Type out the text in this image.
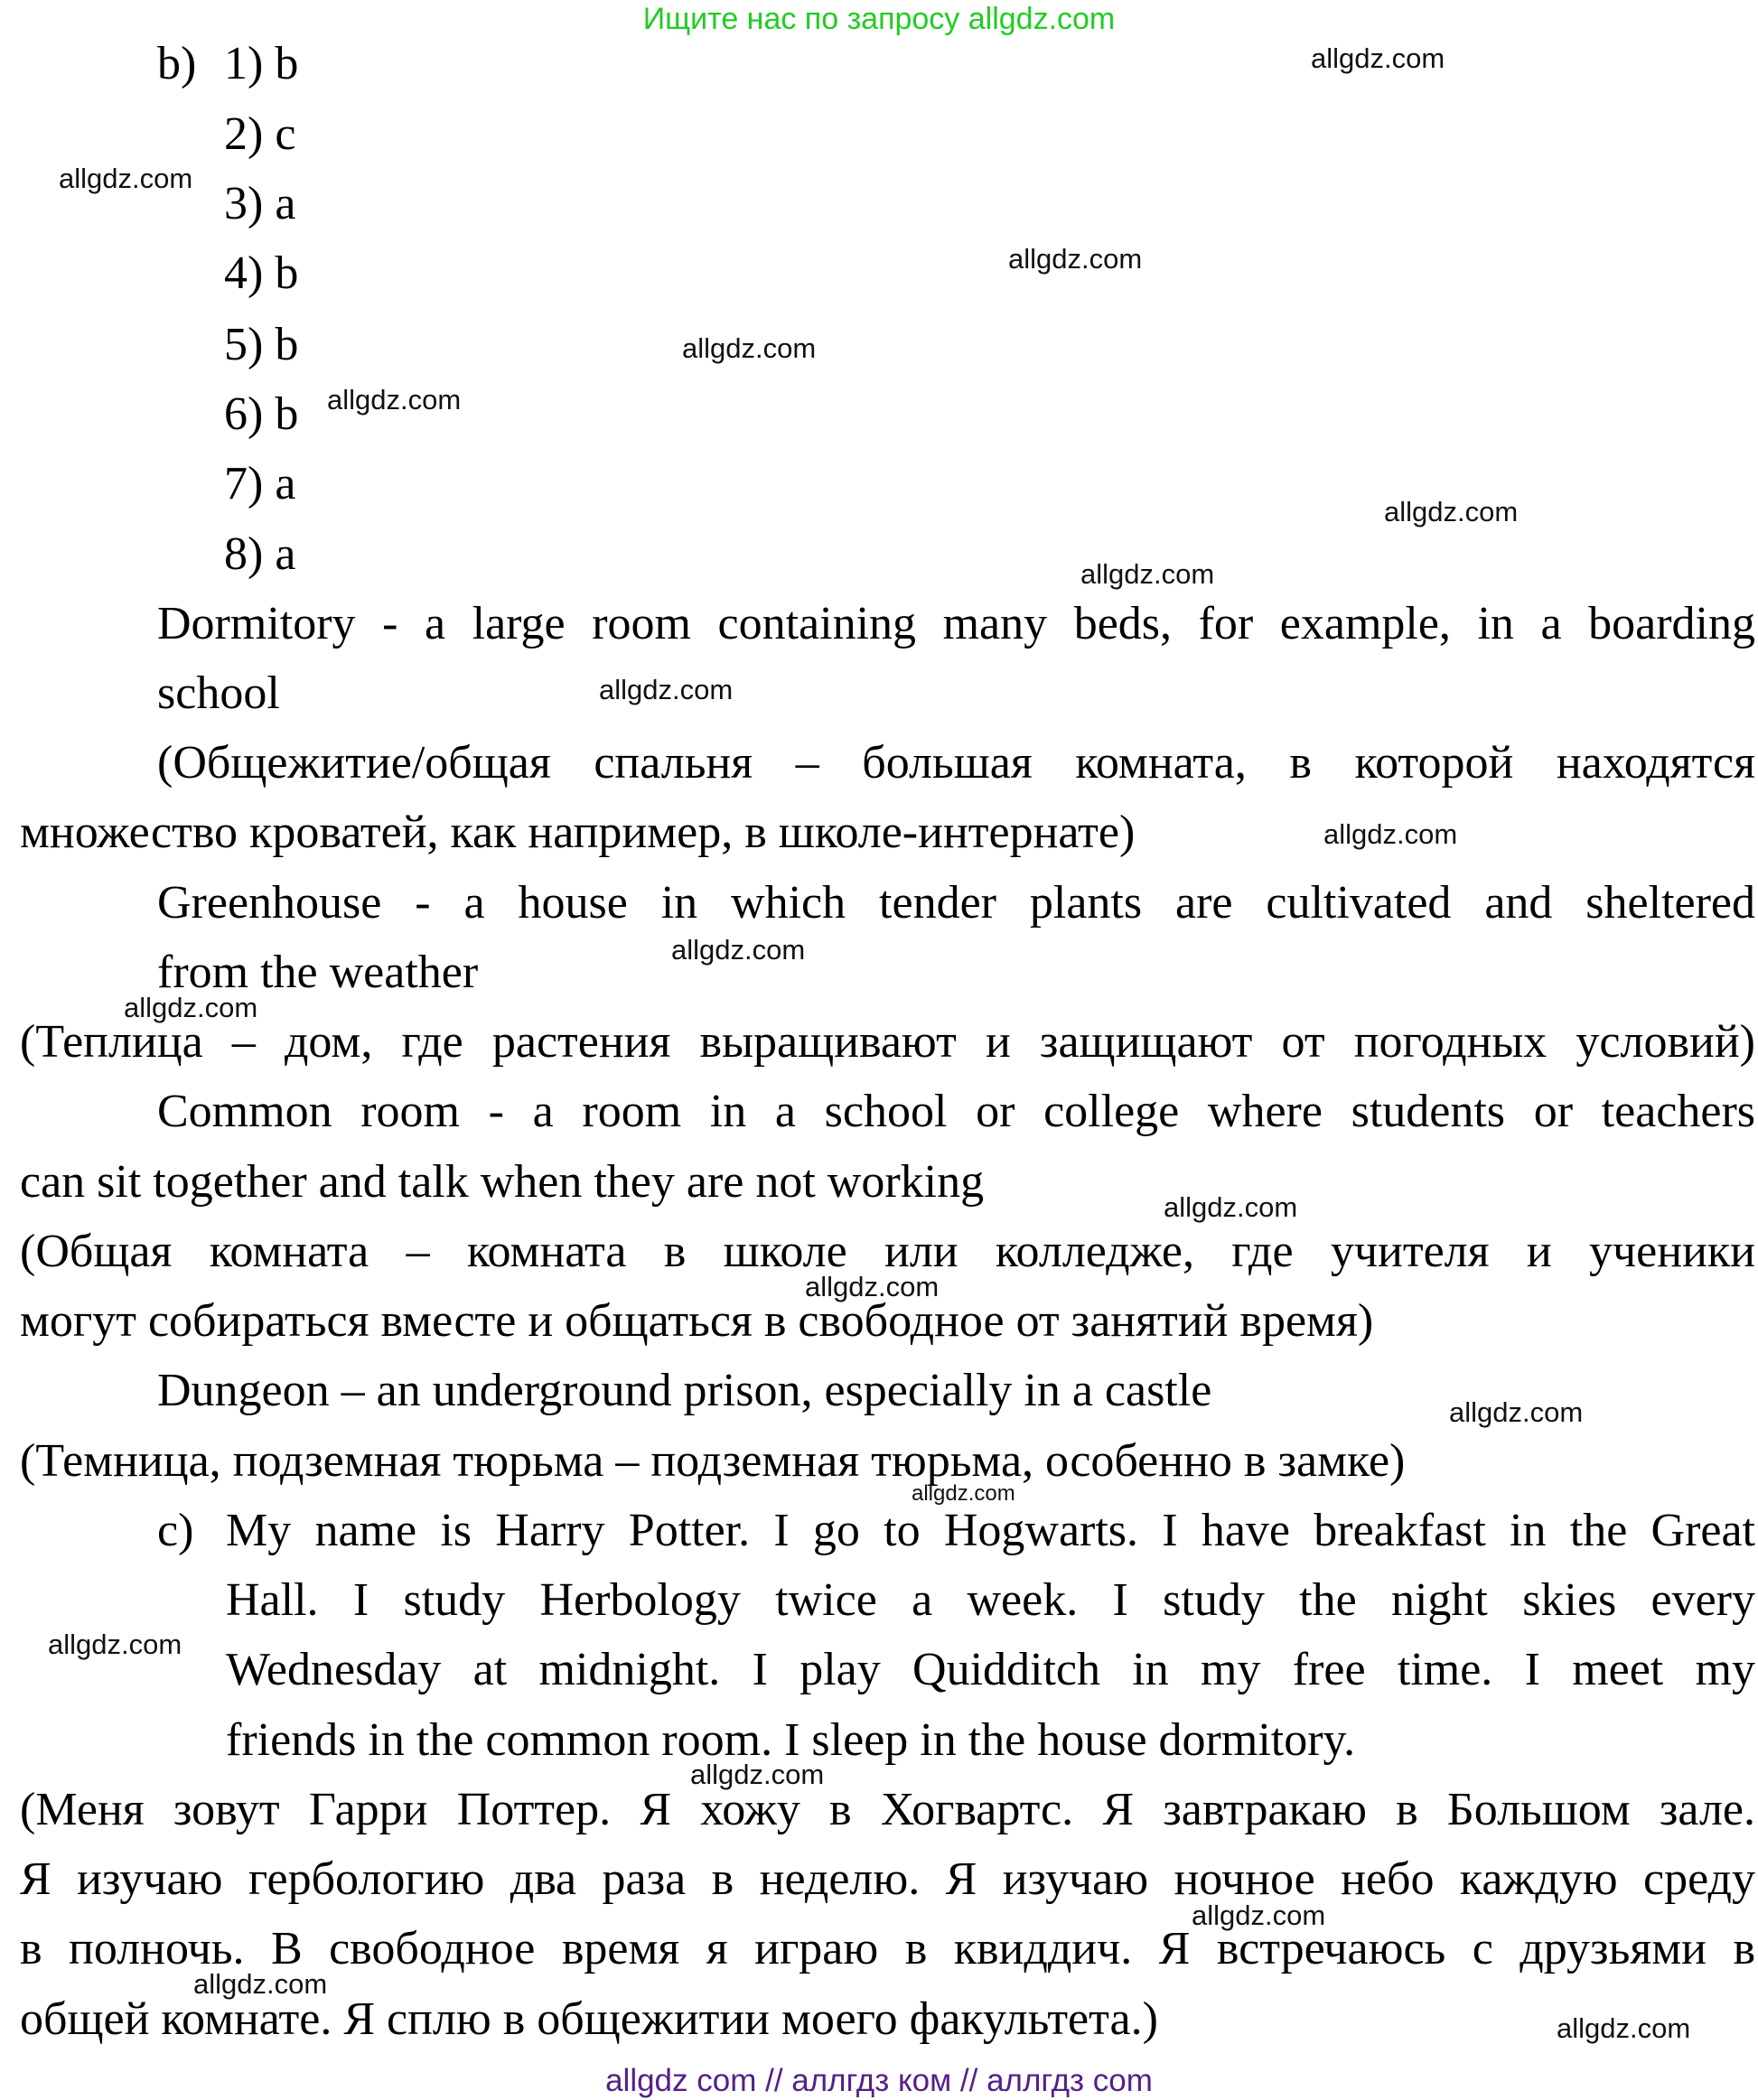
Ищите нас по запросу allgdz.com
b) 1) b
2) c
3) a
4) b
5) b
6) b
7) a
8) a
Dormitory - a large room containing many beds, for example, in a boarding
school
(Общежитие/общая спальня – большая комната, в которой находятся
множество кроватей, как например, в школе-интернате)
Greenhouse - a house in which tender plants are cultivated and sheltered
from the weather
(Теплица – дом, где растения выращивают и защищают от погодных условий)
Common room - a room in a school or college where students or teachers
can sit together and talk when they are not working
(Общая комната – комната в школе или колледже, где учителя и ученики
могут собираться вместе и общаться в свободное от занятий время)
Dungeon – an underground prison, especially in a castle
(Темница, подземная тюрьма – подземная тюрьма, особенно в замке)
c) My name is Harry Potter. I go to Hogwarts. I have breakfast in the Great
Hall. I study Herbology twice a week. I study the night skies every
Wednesday at midnight. I play Quidditch in my free time. I meet my
friends in the common room. I sleep in the house dormitory.
(Меня зовут Гарри Поттер. Я хожу в Хогвартс. Я завтракаю в Большом зале.
Я изучаю гербологию два раза в неделю. Я изучаю ночное небо каждую среду
в полночь. В свободное время я играю в квиддич. Я встречаюсь с друзьями в
общей комнате. Я сплю в общежитии моего факультета.)
allgdz.com
allgdz.com
allgdz.com
allgdz.com
allgdz.com
allgdz.com
allgdz.com
allgdz.com
allgdz.com
allgdz.com
allgdz.com
allgdz.com
allgdz.com
allgdz.com
allgdz.com
allgdz.com
allgdz.com
allgdz.com
allgdz.com
allgdz.com
allgdz com // аллгдз ком // аллгдз com
